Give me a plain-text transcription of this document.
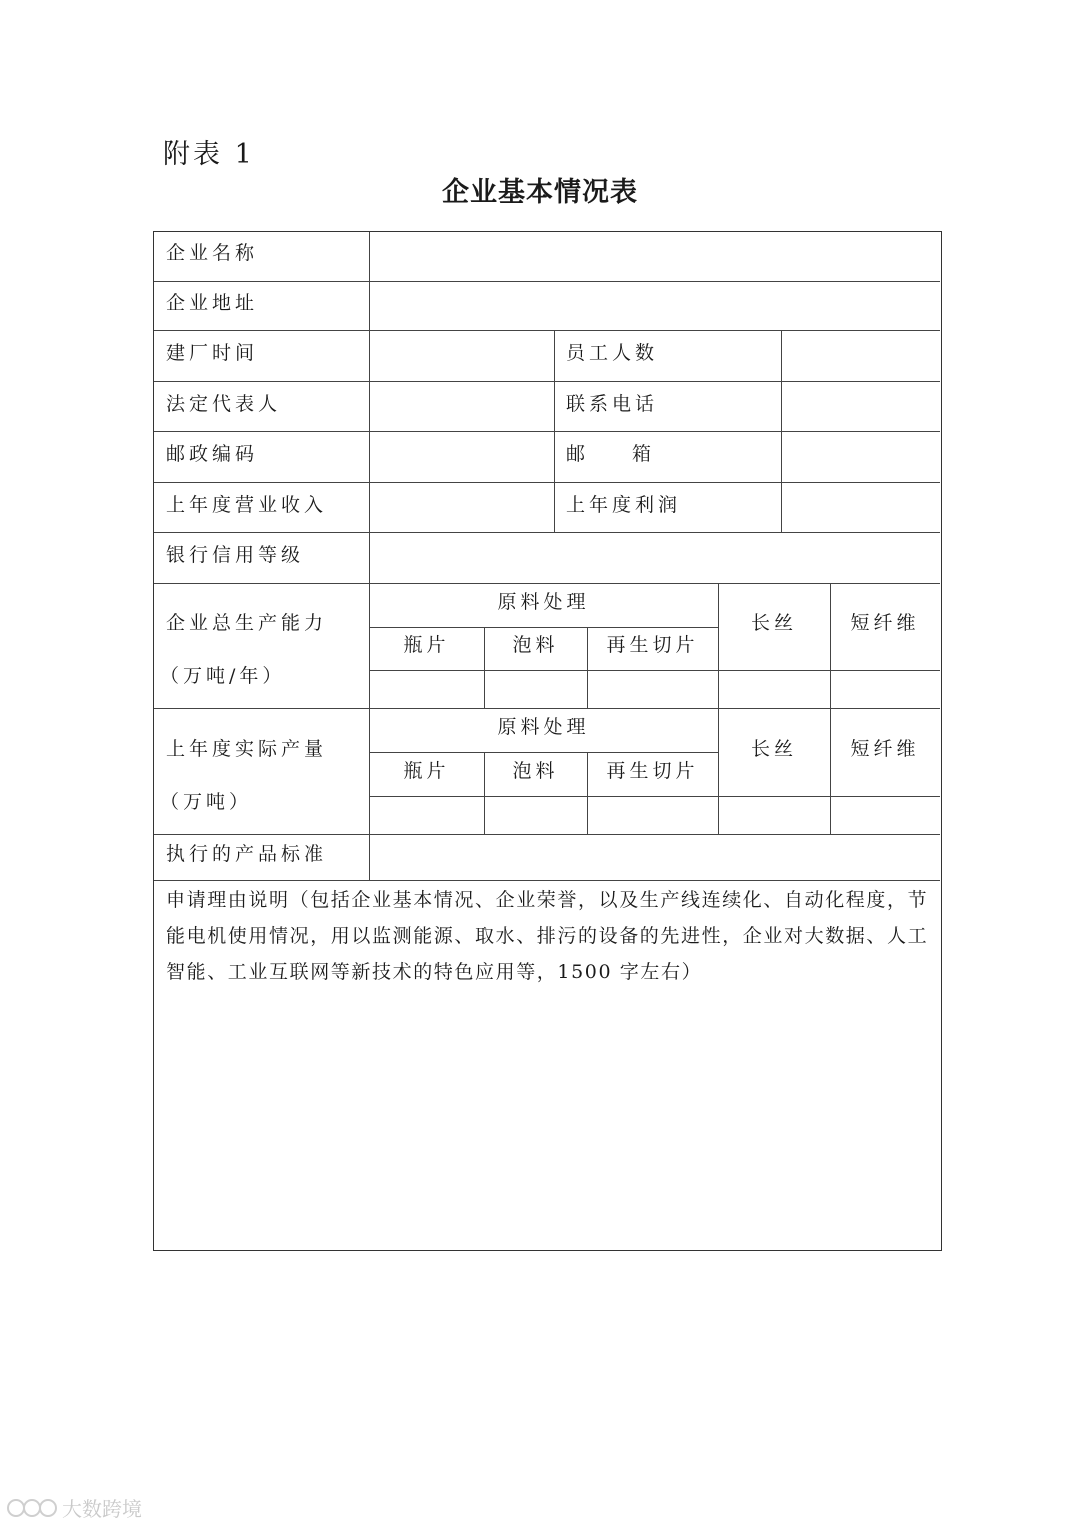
附表 1
企业基本情况表
企业名称
企业地址
建厂时间	员工人数
法定代表人	联系电话
邮政编码	邮 箱
上年度营业收入	上年度利润
银行信用等级
企业总生产能力
（万吨/年）
原料处理
瓶片	泡料	再生切片
长丝	短纤维
上年度实际产量
（万吨）
原料处理
瓶片	泡料	再生切片
长丝	短纤维
执行的产品标准
申请理由说明（包括企业基本情况、企业荣誉，以及生产线连续化、自动化程度，节能电机使用情况，用以监测能源、取水、排污的设备的先进性，企业对大数据、人工智能、工业互联网等新技术的特色应用等，1500 字左右）
大数跨境
